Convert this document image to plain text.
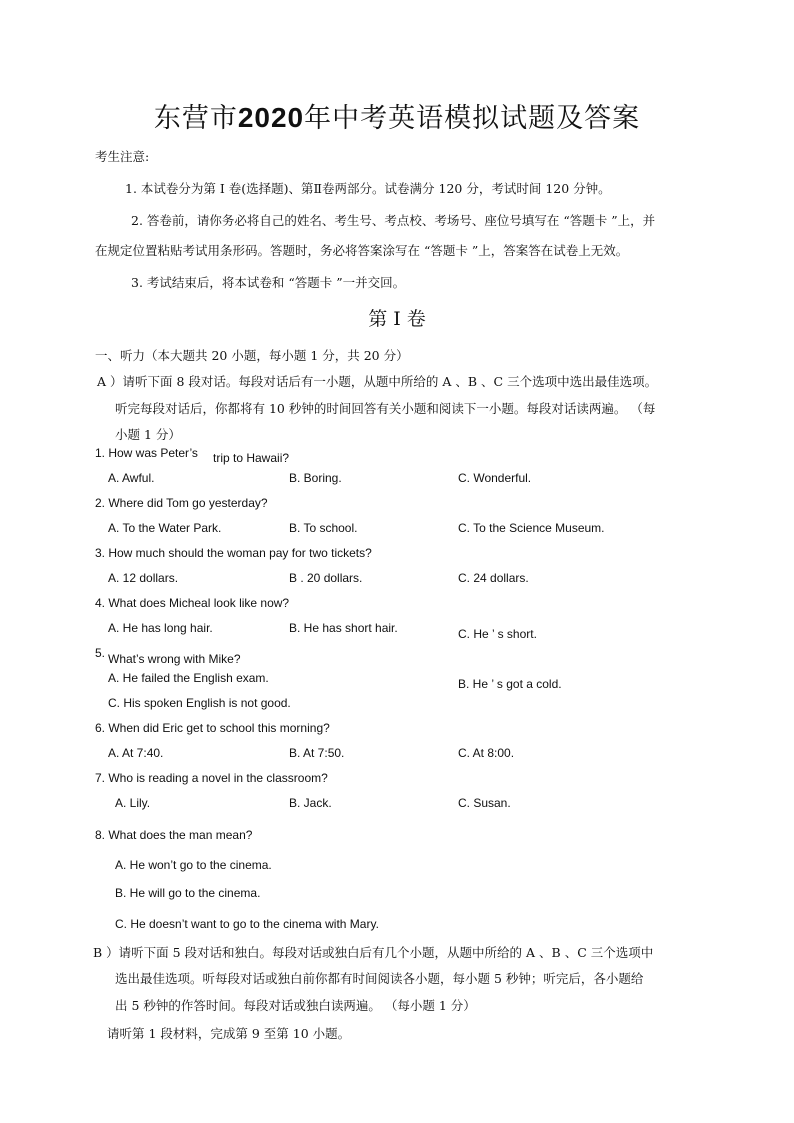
东营市2020年中考英语模拟试题及答案
考生注意:
1. 本试卷分为第 Ⅰ 卷(选择题)、第Ⅱ卷两部分。试卷满分 120 分，考试时间 120 分钟。
2. 答卷前，请你务必将自己的姓名、考生号、考点校、考场号、座位号填写在 “答题卡 ”上，并
在规定位置粘贴考试用条形码。答题时，务必将答案涂写在 “答题卡 ”上，答案答在试卷上无效。
3. 考试结束后，将本试卷和 “答题卡 ”一并交回。
第 Ⅰ 卷
一、听力（本大题共 20 小题，每小题 1 分，共 20 分）
A ）请听下面 8 段对话。每段对话后有一小题，从题中所给的 A 、B 、C 三个选项中选出最佳选项。
听完每段对话后，你都将有 10 秒钟的时间回答有关小题和阅读下一小题。每段对话读两遍。 （每
小题 1 分）
1. How was Peter’s trip to Hawaii?
A. Awful.	B. Boring.	C. Wonderful.
2. Where did Tom go yesterday?
A. To the Water Park.	B. To school.	C. To the Science Museum.
3. How much should the woman pay for two tickets?
A. 12 dollars.	B . 20 dollars.	C. 24 dollars.
4. What does Micheal look like now?
A. He has long hair.	B. He has short hair.	C. He ’ s short.
5. What’s wrong with Mike?
A. He failed the English exam.	B. He ’ s got a cold.
C. His spoken English is not good.
6. When did Eric get to school this morning?
A. At 7:40.	B. At 7:50.	C. At 8:00.
7. Who is reading a novel in the classroom?
A. Lily.	B. Jack.	C. Susan.
8. What does the man mean?
A. He won’t go to the cinema.
B. He will go to the cinema.
C. He doesn’t want to go to the cinema with Mary.
B ）请听下面 5 段对话和独白。每段对话或独白后有几个小题，从题中所给的 A 、B 、C 三个选项中
选出最佳选项。听每段对话或独白前你都有时间阅读各小题，每小题 5 秒钟；听完后，各小题给
出 5 秒钟的作答时间。每段对话或独白读两遍。 （每小题 1 分）
请听第 1 段材料，完成第 9 至第 10 小题。
